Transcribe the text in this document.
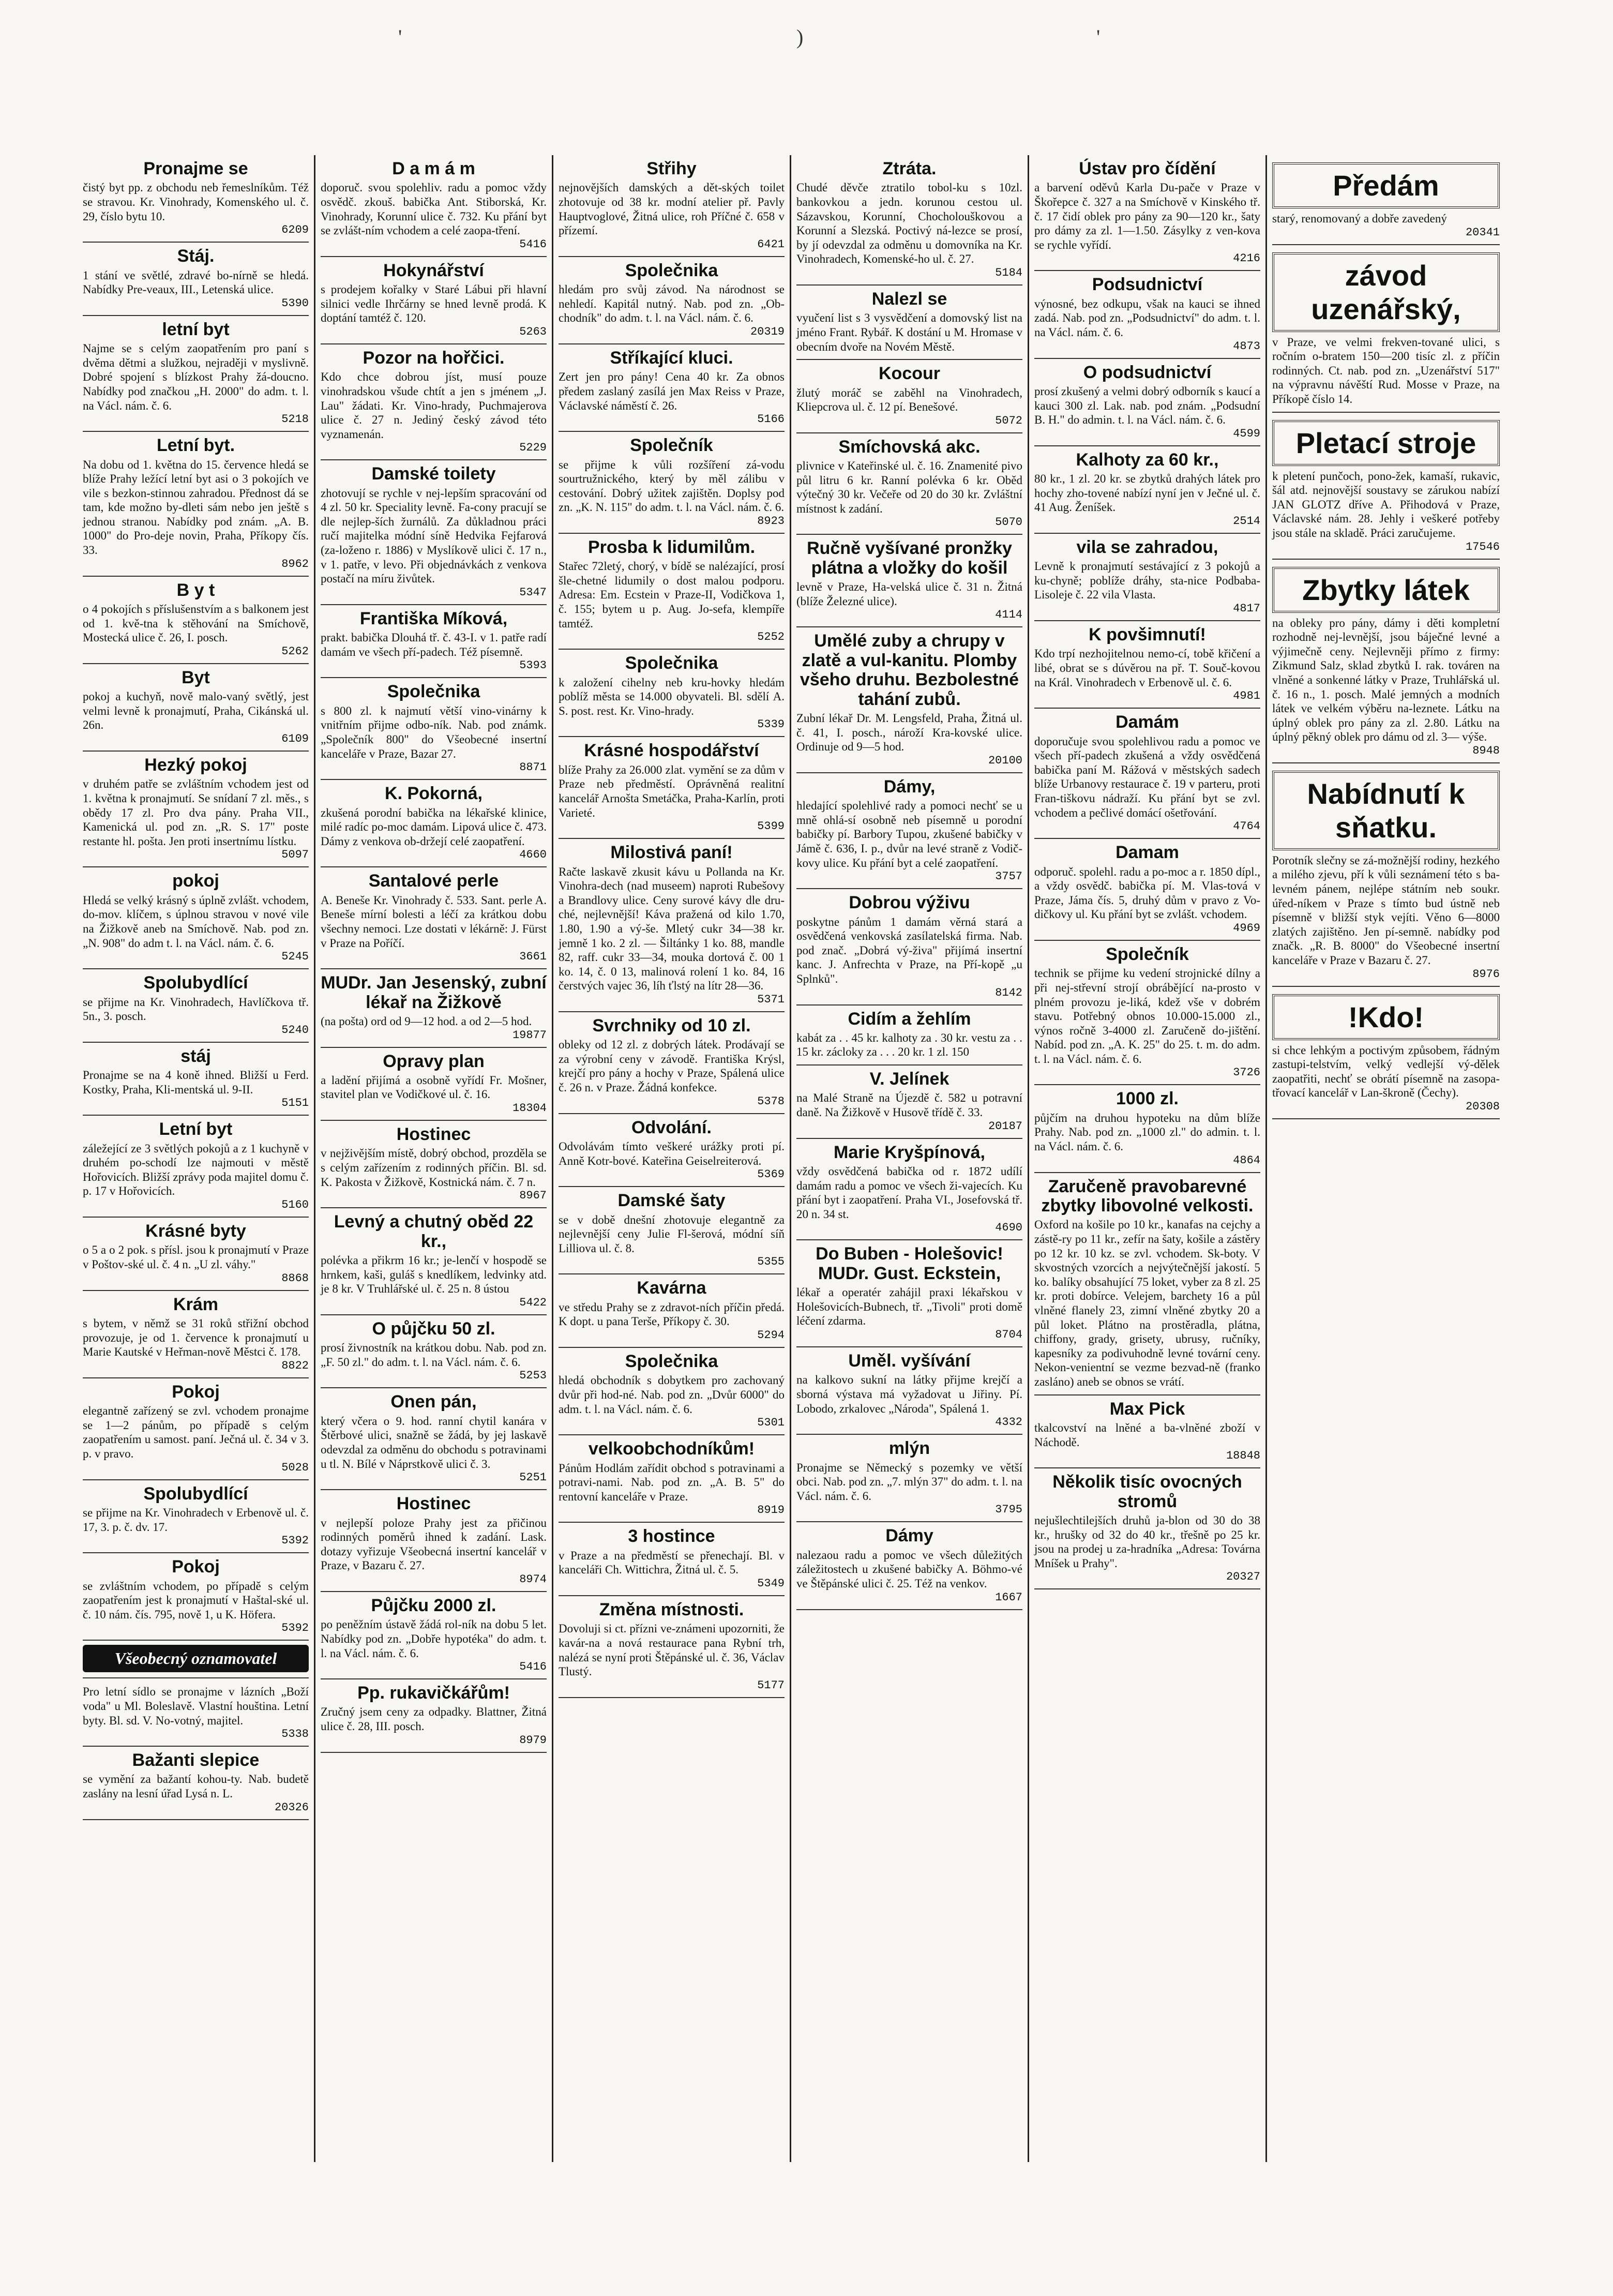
'	)	'
Pronajme se

čistý byt pp. z obchodu neb řemeslníkům. Též se stravou. Kr. Vinohrady, Komenského ul. č. 29, číslo bytu 10.

6209
Stáj.

1 stání ve světlé, zdravé bo-nírně se hledá. Nabídky Pre-veaux, III., Letenská ulice.

5390
letní byt

Najme se s celým zaopatřením pro paní s dvěma dětmi a služkou, nejraději v myslivně. Dobré spojení s blízkost Prahy žá-doucno. Nabídky pod značkou „H. 2000" do adm. t. l. na Václ. nám. č. 6.

5218
Letní byt.

Na dobu od 1. května do 15. července hledá se blíže Prahy ležící letní byt asi o 3 pokojích ve vile s bezkon-stinnou zahradou. Přednost dá se tam, kde možno by-dleti sám nebo jen ještě s jednou stranou. Nabídky pod znám. „A. B. 1000" do Pro-deje novin, Praha, Příkopy čís. 33.

8962
B y t

o 4 pokojích s příslušenstvím a s balkonem jest od 1. kvě-tna k stěhování na Smíchově, Mostecká ulice č. 26, I. posch.

5262
Byt

pokoj a kuchyň, nově malo-vaný světlý, jest velmi levně k pronajmutí, Praha, Cikánská ul. 26n.

6109
Hezký pokoj

v druhém patře se zvláštním vchodem jest od 1. května k pronajmutí. Se snídaní 7 zl. měs., s obědy 17 zl. Pro dva pány. Praha VII., Kamenická ul. pod zn. „R. S. 17" poste restante hl. pošta. Jen proti insertnímu lístku.

5097
pokoj

Hledá se velký krásný s úplně zvlášt. vchodem, do-mov. klíčem, s úplnou stravou v nové vile na Žižkově aneb na Smíchově. Nab. pod zn. „N. 908" do adm t. l. na Václ. nám. č. 6.

5245
Spolubydlící

se přijme na Kr. Vinohradech, Havlíčkova tř. 5n., 3. posch.

5240
stáj

Pronajme se na 4 koně ihned. Bližší u Ferd. Kostky, Praha, Kli-mentská ul. 9-II.

5151
Letní byt

záležející ze 3 světlých pokojů a z 1 kuchyně v druhém po-schodí lze najmouti v městě Hořovicích. Bližší zprávy poda majitel domu č. p. 17 v Hořovicích.

5160
Krásné byty

o 5 a o 2 pok. s přísl. jsou k pronajmutí v Praze v Poštov-ské ul. č. 4 n. „U zl. váhy."

8868
Krám

s bytem, v němž se 31 roků střižní obchod provozuje, je od 1. července k pronajmutí u Marie Kautské v Heřman-nově Městci č. 178.

8822
Pokoj

elegantně zařízený se zvl. vchodem pronajme se 1—2 pánům, po případě s celým zaopatřením u samost. paní. Ječná ul. č. 34 v 3. p. v pravo.

5028
Spolubydlící

se přijme na Kr. Vinohradech v Erbenově ul. č. 17, 3. p. č. dv. 17.

5392
Pokoj

se zvláštním vchodem, po případě s celým zaopatřením jest k pronajmutí v Haštal-ské ul. č. 10 nám. čís. 795, nově 1, u K. Höfera.

5392
Všeobecný oznamovatel

Pro letní sídlo se pronajme v lázních „Boží voda" u Ml. Boleslavě. Vlastní houština. Letní byty. Bl. sd. V. No-votný, majitel.

5338
Bažanti slepice

se vymění za bažantí kohou-ty. Nab. budetě zaslány na lesní úřad Lysá n. L.

20326
D a m á m

doporuč. svou spolehliv. radu a pomoc vždy osvědč. zkouš. babička Ant. Stiborská, Kr. Vinohrady, Korunní ulice č. 732. Ku přání byt se zvlášt-ním vchodem a celé zaopa-tření.

5416
Hokynářství

s prodejem kořalky v Staré Lábui při hlavní silnici vedle Ihrčárny se hned levně prodá. K doptání tamtéž č. 120.

5263
Pozor na hořčici.

Kdo chce dobrou jíst, musí pouze vinohradskou všude chtít a jen s jménem „J. Lau" žádati. Kr. Vino-hrady, Puchmajerova ulice č. 27 n. Jediný český závod této vyznamenán.

5229
Damské toilety

zhotovují se rychle v nej-lepším spracování od 4 zl. 50 kr. Speciality levně. Fa-cony pracují se dle nejlep-ších žurnálů. Za důkladnou práci ručí majitelka módní síně Hedvika Fejfarová (za-loženo r. 1886) v Myslíkově ulici č. 17 n., v 1. patře, v levo. Při objednávkách z venkova postačí na míru živůtek.

5347
Františka Míková,

prakt. babička Dlouhá tř. č. 43-I. v 1. patře radí damám ve všech pří-padech. Též písemně.

5393
Společnika

s 800 zl. k najmutí větší vino-vinárny k vnitřním přijme odbo-ník. Nab. pod známk. „Společník 800" do Všeobecné insertní kanceláře v Praze, Bazar 27.

8871
K. Pokorná,

zkušená porodní babička na lékařské klinice, milé radíc po-moc damám. Lipová ulice č. 473. Dámy z venkova ob-držejí celé zaopatření.

4660
Santalové perle

A. Beneše Kr. Vinohrady č. 533. Sant. perle A. Beneše mírní bolesti a léčí za krátkou dobu všechny nemoci. Lze dostati v lékárně: J. Fürst v Praze na Poříčí.

3661
MUDr. Jan Jesenský, zubní lékař na Žižkově

(na pošta) ord od 9—12 hod. a od 2—5 hod.

19877
Opravy plan

a ladění přijímá a osobně vyřídí Fr. Mošner, stavitel plan ve Vodičkové ul. č. 16.

18304
Hostinec

v nejživějším místě, dobrý obchod, prozděla se s celým zařízením z rodinných příčin. Bl. sd. K. Pakosta v Žižkově, Kostnická nám. č. 7 n.

8967
Levný a chutný oběd 22 kr.,

polévka a přikrm 16 kr.; je-lenčí v hospodě se hrnkem, kaši, guláš s knedlíkem, ledvinky atd. je 8 kr. V Truhlářské ul. č. 25 n. 8 ústou

5422
O půjčku 50 zl.

prosí živnostník na krátkou dobu. Nab. pod zn. „F. 50 zl." do adm. t. l. na Václ. nám. č. 6.

5253
Onen pán,

který včera o 9. hod. ranní chytil kanára v Štěrbové ulici, snažně se žádá, by jej laskavě odevzdal za odměnu do obchodu s potravinami u tl. N. Bílé v Náprstkově ulici č. 3.

5251
Hostinec

v nejlepší poloze Prahy jest za přičinou rodinných poměrů ihned k zadání. Lask. dotazy vyřizuje Všeobecná insertní kancelář v Praze, v Bazaru č. 27.

8974
Půjčku 2000 zl.

po peněžním ústavě žádá rol-ník na dobu 5 let. Nabídky pod zn. „Dobře hypotéka" do adm. t. l. na Václ. nám. č. 6.

5416
Pp. rukavičkářům!

Zručný jsem ceny za odpadky. Blattner, Žitná ulice č. 28, III. posch.

8979
Střihy

nejnovějších damských a dět-ských toilet zhotovuje od 38 kr. modní atelier př. Pavly Hauptvoglové, Žitná ulice, roh Příčné č. 658 v přízemí.

6421
Společnika

hledám pro svůj závod. Na národnost se nehledí. Kapitál nutný. Nab. pod zn. „Ob-chodník" do adm. t. l. na Václ. nám. č. 6.

20319
Stříkající kluci.

Zert jen pro pány! Cena 40 kr. Za obnos předem zaslaný zasílá jen Max Reiss v Praze, Václavské náměstí č. 26.

5166
Společník

se přijme k vůli rozšíření zá-vodu sourtružnického, který by měl zálibu v cestování. Dobrý užitek zajištěn. Doplsy pod zn. „K. N. 115" do adm. t. l. na Václ. nám. č. 6.

8923
Prosba k lidumilům.

Stařec 72letý, chorý, v bídě se nalézající, prosí šle-chetné lidumily o dost malou podporu. Adresa: Em. Ecstein v Praze-II, Vodičkova 1, č. 155; bytem u p. Aug. Jo-sefa, klempíře tamtéž.

5252
Společnika

k založení cihelny neb kru-hovky hledám poblíž města se 14.000 obyvateli. Bl. sdělí A. S. post. rest. Kr. Vino-hrady.

5339
Krásné hospodářství

blíže Prahy za 26.000 zlat. vymění se za dům v Praze neb předměstí. Oprávněná realitní kancelář Arnošta Smetáčka, Praha-Karlín, proti Varieté.

5399
Milostivá paní!

Račte laskavě zkusit kávu u Pollanda na Kr. Vinohra-dech (nad museem) naproti Rubešovy a Brandlovy ulice. Ceny surové kávy dle dru-ché, nejlevnější! Káva pražená od kilo 1.70, 1.80, 1.90 a vý-še. Mletý cukr 34—38 kr. jemně 1 ko. 2 zl. — Šiltánky 1 ko. 88, mandle 82, raff. cukr 33—34, mouka dortová č. 00 1 ko. 14, č. 0 13, malinová rolení 1 ko. 84, 16 čerstvých vajec 36, líh ťlstý na lítr 28—36.

5371
Svrchniky od 10 zl.

obleky od 12 zl. z dobrých látek. Prodávají se za výrobní ceny v závodě. Františka Krýsl, krejčí pro pány a hochy v Praze, Spálená ulice č. 26 n. v Praze. Žádná konfekce.

5378
Odvolání.

Odvolávám tímto veškeré urážky proti pí. Anně Kotr-bové. Kateřina Geiselreiterová.

5369
Damské šaty

se v době dnešní zhotovuje elegantně za nejlevnější ceny Julie Fl-šerová, módní síň Lilliova ul. č. 8.

5355
Kavárna

ve středu Prahy se z zdravot-ních příčin předá. K dopt. u pana Terše, Příkopy č. 30.

5294
Společnika

hledá obchodník s dobytkem pro zachovaný dvůr při hod-né. Nab. pod zn. „Dvůr 6000" do adm. t. l. na Václ. nám. č. 6.

5301
velkoobchodníkům!

Pánům Hodlám zařídit obchod s potravinami a potravi-nami. Nab. pod zn. „A. B. 5" do rentovní kanceláře v Praze.

8919
3 hostince

v Praze a na předměstí se přenechají. Bl. v kanceláři Ch. Wittichra, Žitná ul. č. 5.

5349
Změna místnosti.

Dovoluji si ct. přízni ve-známeni upozorniti, že kavár-na a nová restaurace pana Rybní trh, nalézá se nyní proti Štěpánské ul. č. 36, Václav Tlustý.

5177
Ztráta.

Chudé děvče ztratilo tobol-ku s 10zl. bankovkou a jedn. korunou cestou ul. Sázavskou, Korunní, Chocholouškovou a Korunní a Slezská. Poctivý ná-lezce se prosí, by jí odevzdal za odměnu u domovníka na Kr. Vinohradech, Komenské-ho ul. č. 27.

5184
Nalezl se

vyučení list s 3 vysvědčení a domovský list na jméno Frant. Rybář. K dostání u M. Hromase v obecním dvoře na Novém Městě.

Kocour

žlutý moráč se zaběhl na Vinohradech, Kliepcrova ul. č. 12 pí. Benešové.

5072
Smíchovská akc.

plivnice v Kateřinské ul. č. 16. Znamenité pivo půl litru 6 kr. Ranní polévka 6 kr. Oběd výtečný 30 kr. Večeře od 20 do 30 kr. Zvláštní místnost k zadání.

5070
Ručně vyšívané pronžky plátna a vložky do košil

levně v Praze, Ha-velská ulice č. 31 n. Žitná (blíže Železné ulice).

4114
Umělé zuby a chrupy v zlatě a vul-kanitu. Plomby všeho druhu. Bezbolestné tahání zubů.

Zubní lékař Dr. M. Lengsfeld, Praha, Žitná ul. č. 41, I. posch., nároží Kra-kovské ulice. Ordinuje od 9—5 hod.

20100
Dámy,

hledající spolehlivé rady a pomoci nechť se u mně ohlá-sí osobně neb písemně u porodní babičky pí. Barbory Tupou, zkušené babičky v Jámě č. 636, I. p., dvůr na levé straně z Vodič-kovy ulice. Ku přání byt a celé zaopatření.

3757
Dobrou výživu

poskytne pánům 1 damám věrná stará a osvědčená venkovská zasílatelská firma. Nab. pod znač. „Dobrá vý-živa" přijímá insertní kanc. J. Anfrechta v Praze, na Pří-kopě „u Splnků".

8142
Cidím a žehlím

kabát za . . 45 kr. kalhoty za . 30 kr. vestu za . . 15 kr. zácloky za . . . 20 kr. 1 zl. 150

V. Jelínek

na Malé Straně na Újezdě č. 582 u potravní daně. Na Žižkově v Husově třídě č. 33.

20187
Marie Kryšpínová,

vždy osvědčená babička od r. 1872 udílí damám radu a pomoc ve všech ži-vajecích. Ku přání byt i zaopatření. Praha VI., Josefovská tř. 20 n. 34 st.

4690
Do Buben - Holešovic! MUDr. Gust. Eckstein,

lékař a operatér zahájil praxi lékařskou v Holešovicích-Bubnech, tř. „Tivoli" proti domě léčení zdarma.

8704
Uměl. vyšívání

na kalkovo sukní na látky přijme krejčí a sborná výstava má vyžadovat u Jiřiny. Pí. Lobodo, zrkalovec „Národa", Spálená 1.

4332
mlýn

Pronajme se Německý s pozemky ve větší obci. Nab. pod zn. „7. mlýn 37" do adm. t. l. na Václ. nám. č. 6.

3795
Dámy

nalezaou radu a pomoc ve všech důležitých záležitostech u zkušené babičky A. Böhmo-vé ve Štěpánské ulici č. 25. Též na venkov.

1667
Ústav pro čídění

a barvení oděvů Karla Du-pače v Praze v Škořepce č. 327 a na Smíchově v Kinského tř. č. 17 čidí oblek pro pány za 90—120 kr., šaty pro dámy za zl. 1—1.50. Zásylky z ven-kova se rychle vyřídí.

4216
Podsudnictví

výnosné, bez odkupu, však na kauci se ihned zadá. Nab. pod zn. „Podsudnictví" do adm. t. l. na Václ. nám. č. 6.

4873
O podsudnictví

prosí zkušený a velmi dobrý odborník s kaucí a kauci 300 zl. Lak. nab. pod znám. „Podsudní B. H." do admin. t. l. na Václ. nám. č. 6.

4599
Kalhoty za 60 kr.,

80 kr., 1 zl. 20 kr. se zbytků drahých látek pro hochy zho-tovené nabízí nyní jen v Ječné ul. č. 41 Aug. Ženíšek.

2514
vila se zahradou,

Levně k pronajmutí sestávající z 3 pokojů a ku-chyně; poblíže dráhy, sta-nice Podbaba-Lisoleje č. 22 vila Vlasta.

4817
K povšimnutí!

Kdo trpí nezhojitelnou nemo-cí, tobě křičení a libé, obrat se s dúvěrou na př. T. Souč-kovou na Král. Vinohradech v Erbenově ul. č. 6.

4981
Damám

doporučuje svou spolehlivou radu a pomoc ve všech pří-padech zkušená a vždy osvědčená babička paní M. Rážová v městských sadech blíže Urbanovy restaurace č. 19 v parteru, proti Fran-tiškovu nádraží. Ku přání byt se zvl. vchodem a pečlivé domácí ošetřování.

4764
Damam

odporuč. spolehl. radu a po-moc a r. 1850 dípl., a vždy osvědč. babička pí. M. Vlas-tová v Praze, Jáma čís. 5, druhý dům v pravo z Vo-dičkovy ul. Ku přání byt se zvlášt. vchodem.

4969
Společník

technik se přijme ku vedení strojnické dílny a při nej-střevní strojí obrábějící na-prosto v plném provozu je-liká, kdež vše v dobrém stavu. Potřebný obnos 10.000-15.000 zl., výnos ročně 3-4000 zl. Zaručeně do-jištění. Nabíd. pod zn. „A. K. 25" do 25. t. m. do adm. t. l. na Václ. nám. č. 6.

3726
1000 zl.

půjčím na druhou hypoteku na dům blíže Prahy. Nab. pod zn. „1000 zl." do admin. t. l. na Václ. nám. č. 6.

4864
Zaručeně pravobarevné zbytky libovolné velkosti.

Oxford na košile po 10 kr., kanafas na cejchy a zástě-ry po 11 kr., zefír na šaty, košile a zástěry po 12 kr. 10 kz. se zvl. vchodem. Sk-boty. V skvostných vzorcích a nejvýtečnější jakostí. 5 ko. balíky obsahující 75 loket, vyber za 8 zl. 25 kr. proti dobírce. Velejem, barchety 16 a půl vlněné flanely 23, zimní vlněné zbytky 20 a půl loket. Plátno na prostěradla, plátna, chiffony, grady, grisety, ubrusy, ručníky, kapesníky za podivuhodně levné tovární ceny. Nekon-venientní se vezme bezvad-ně (franko zasláno) aneb se obnos se vrátí.

Max Pick

tkalcovství na lněné a ba-vlněné zboží v Náchodě.

18848
Několik tisíc ovocných stromů

nejušlechtilejších druhů ja-blon od 30 do 38 kr., hrušky od 32 do 40 kr., třešně po 25 kr. jsou na prodej u za-hradníka „Adresa: Továrna Mníšek u Prahy".

20327
Předám

starý, renomovaný a dobře zavedený

20341
závod uzenářský,

v Praze, ve velmi frekven-tované ulici, s ročním o-bratem 150—200 tisíc zl. z příčin rodinných. Ct. nab. pod zn. „Uzenářství 517" na výpravnu návěští Rud. Mosse v Praze, na Příkopě číslo 14.

Pletací stroje

k pletení punčoch, pono-žek, kamaší, rukavic, šál atd. nejnovější soustavy se zárukou nabízí JAN GLOTZ dříve A. Přihodová v Praze, Václavské nám. 28. Jehly i veškeré potřeby jsou stále na skladě. Práci zaručujeme.

17546
Zbytky látek

na obleky pro pány, dámy i děti kompletní rozhodně nej-levnější, jsou báječné levné a výjimečně ceny. Nejlevněji přímo z firmy: Zikmund Salz, sklad zbytků I. rak. továren na vlněné a sonkenné látky v Praze, Truhlářská ul. č. 16 n., 1. posch. Malé jemných a modních látek ve velkém výběru na-leznete. Látku na úplný oblek pro pány za zl. 2.80. Látku na úplný pěkný oblek pro dámu od zl. 3— výše.

8948
Nabídnutí k sňatku.

Porotník slečny se zá-možnější rodiny, hezkého a milého zjevu, pří k vůli seznámení této s ba-levném pánem, nejlépe státním neb soukr. úřed-níkem v Praze s tímto bud ústně neb písemně v bližší styk vejíti. Věno 6—8000 zlatých zajištěno. Jen pí-semně. nabídky pod značk. „R. B. 8000" do Všeobecné insertní kanceláře v Praze v Bazaru č. 27.

8976
!Kdo!

si chce lehkým a poctivým způsobem, řádným zastupi-telstvím, velký vedlejší vý-dělek zaopatřiti, nechť se obrátí písemně na zasopa-třovací kancelář v Lan-škroně (Čechy).

20308
